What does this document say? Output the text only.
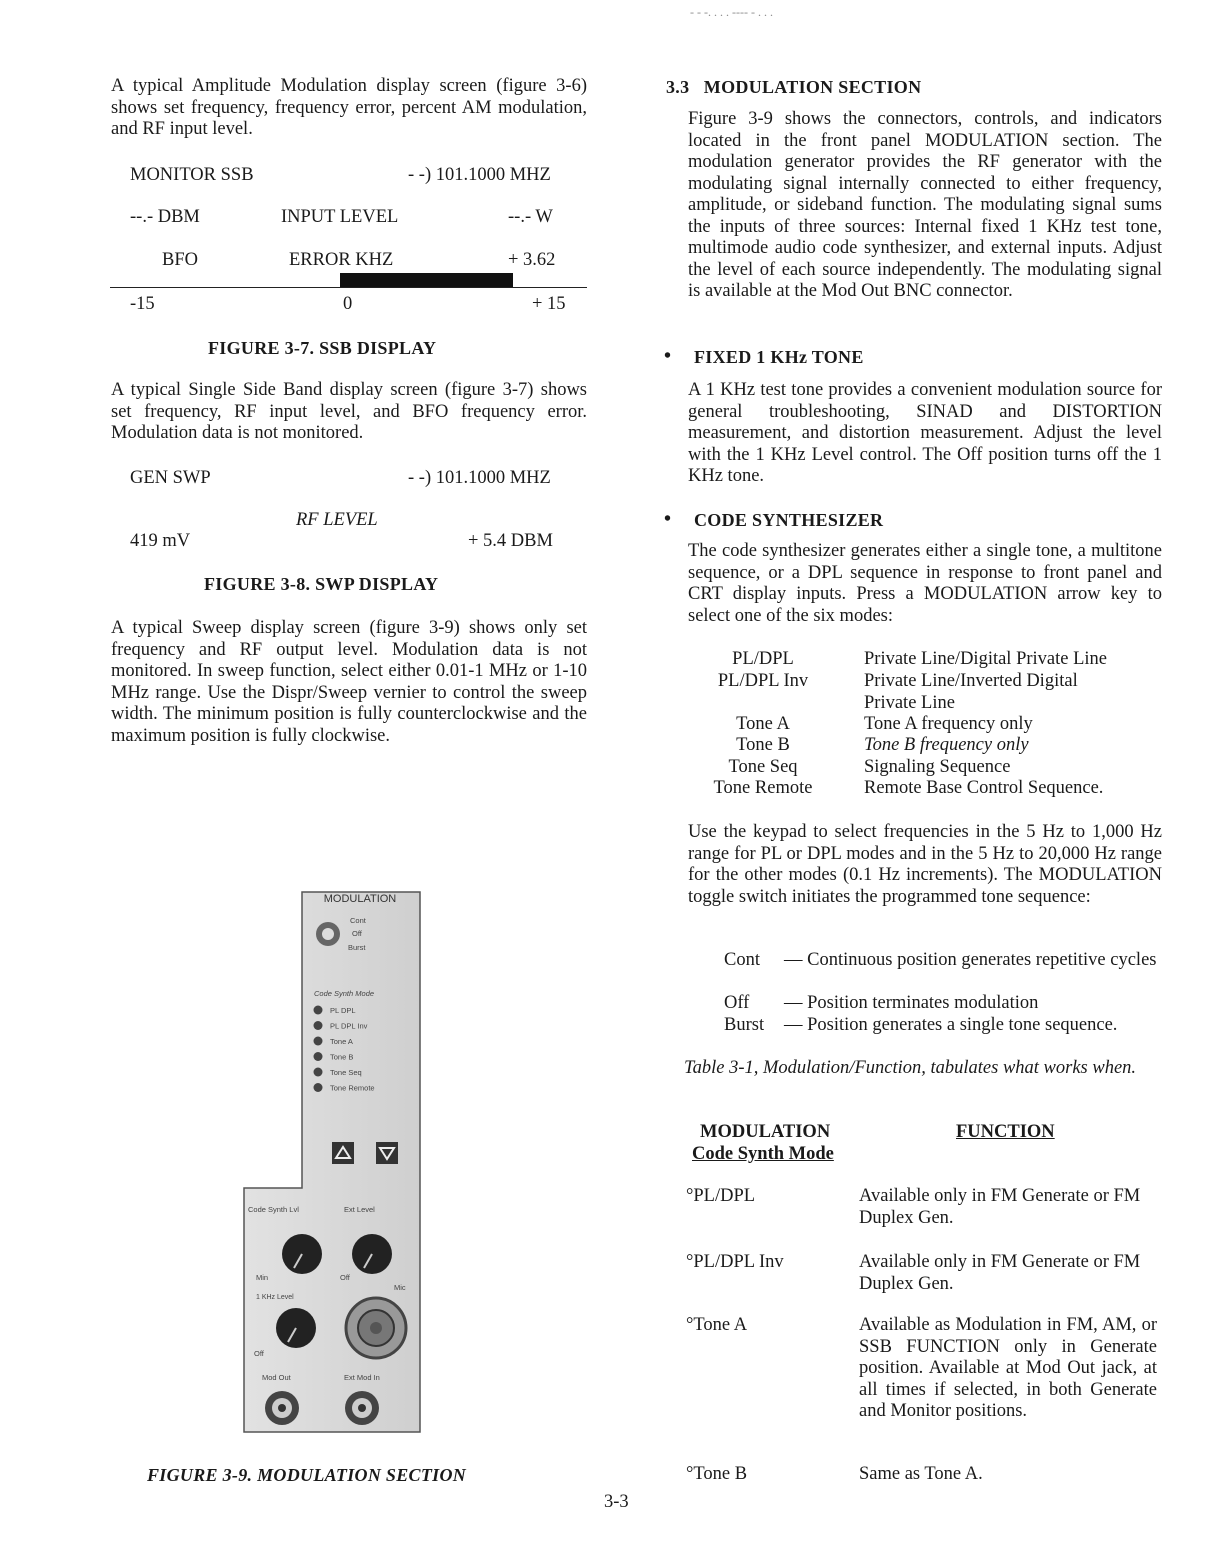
- - -. . . . ---- - . . .

A typical Amplitude Modulation display screen (figure 3-6) shows set frequency, frequency error, percent AM modulation, and RF input level.

MONITOR SSB	- -) 101.1000 MHZ
--.- DBM	INPUT LEVEL	--.- W
BFO	ERROR KHZ	+ 3.62
-15	0	+ 15
FIGURE 3-7. SSB DISPLAY

A typical Single Side Band display screen (figure 3-7) shows set frequency, RF input level, and BFO frequency error. Modulation data is not monitored.

GEN SWP	- -) 101.1000 MHZ
RF LEVEL
419 mV	+ 5.4 DBM
FIGURE 3-8. SWP DISPLAY

A typical Sweep display screen (figure 3-9) shows only set frequency and RF output level. Modulation data is not monitored. In sweep function, select either 0.01-1 MHz or 1-10 MHz range. Use the Dispr/Sweep vernier to control the sweep width. The minimum position is fully counterclockwise and the maximum position is fully clockwise.

MODULATION
Cont
Off
Burst
Code Synth Mode
PL DPL
PL DPL Inv
Tone A
Tone B
Tone Seq
Tone Remote
Code Synth Lvl	Ext Level
Min	Off
Mic
1 KHz Level
Off
Mod Out	Ext Mod In
FIGURE 3-9. MODULATION SECTION
3.3   MODULATION SECTION

Figure 3-9 shows the connectors, controls, and indicators located in the front panel MODULATION section. The modulation generator provides the RF generator with the modulating signal internally connected to either frequency, amplitude, or sideband function. The modulating signal sums the inputs of three sources: Internal fixed 1 KHz test tone, multimode audio code synthesizer, and external inputs. Adjust the level of each source independently. The modulating signal is available at the Mod Out BNC connector.

• FIXED 1 KHz TONE

A 1 KHz test tone provides a convenient modulation source for general troubleshooting, SINAD and DISTORTION measurement, and distortion measurement. Adjust the level with the 1 KHz Level control. The Off position turns off the 1 KHz tone.

• CODE SYNTHESIZER

The code synthesizer generates either a single tone, a multitone sequence, or a DPL sequence in response to front panel and CRT display inputs. Press a MODULATION arrow key to select one of the six modes:

PL/DPL	Private Line/Digital Private Line
PL/DPL Inv	Private Line/Inverted Digital Private Line
Tone A	Tone A frequency only
Tone B	Tone B frequency only
Tone Seq	Signaling Sequence
Tone Remote	Remote Base Control Sequence.

Use the keypad to select frequencies in the 5 Hz to 1,000 Hz range for PL or DPL modes and in the 5 Hz to 20,000 Hz range for the other modes (0.1 Hz increments). The MODULATION toggle switch initiates the programmed tone sequence:

Cont — Continuous position generates repetitive cycles
Off — Position terminates modulation
Burst — Position generates a single tone sequence.

Table 3-1, Modulation/Function, tabulates what works when.

MODULATION
Code Synth Mode
FUNCTION
°PL/DPL	Available only in FM Generate or FM Duplex Gen.

°PL/DPL Inv	Available only in FM Generate or FM Duplex Gen.

°Tone A	Available as Modulation in FM, AM, or SSB FUNCTION only in Generate position. Available at Mod Out jack, at all times if selected, in both Generate and Monitor positions.

°Tone B	Same as Tone A.

3-3
